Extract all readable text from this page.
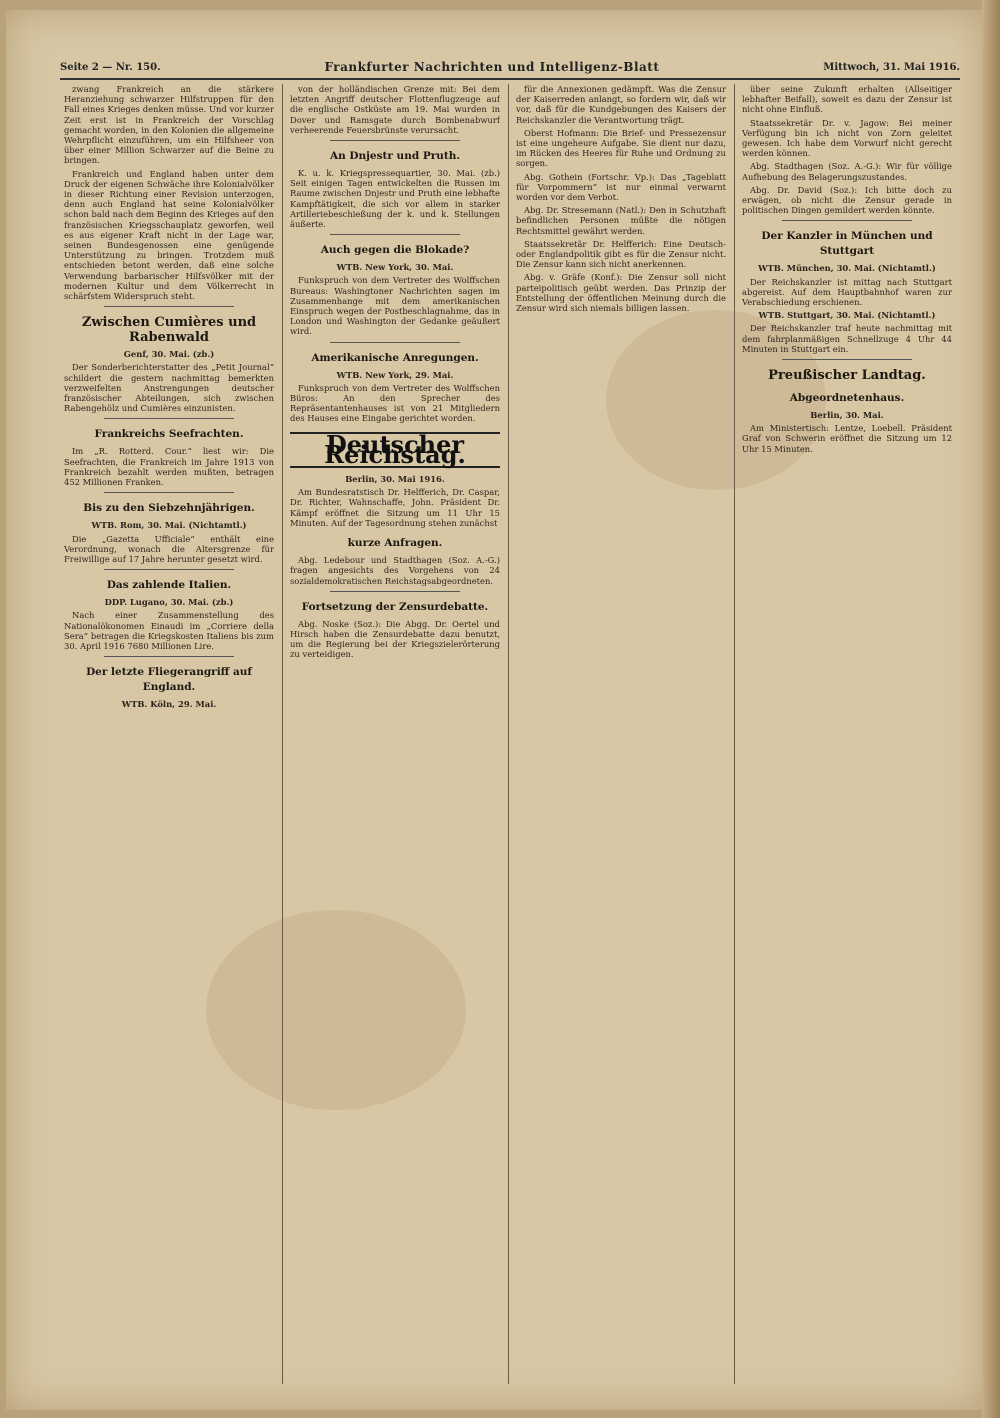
Seite 2 — Nr. 150.	Frankfurter Nachrichten und Intelligenz-Blatt	Mittwoch, 31. Mai 1916.

zwang Frankreich an die stärkere Heranziehung schwarzer Hilfstruppen für den Fall eines Krieges denken müsse. Und vor kurzer Zeit erst ist in Frankreich der Vorschlag gemacht worden, in den Kolonien die allgemeine Wehrpflicht einzuführen, um ein Hilfsheer von über einer Million Schwarzer auf die Beine zu bringen.

Frankreich und England haben unter dem Druck der eigenen Schwäche ihre Kolonialvölker in dieser Richtung einer Revision unterzogen, denn auch England hat seine Kolonialvölker schon bald nach dem Beginn des Krieges auf den französischen Kriegsschauplatz geworfen, weil es aus eigener Kraft nicht in der Lage war, seinen Bundesgenossen eine genügende Unterstützung zu bringen. Trotzdem muß entschieden betont werden, daß eine solche Verwendung barbarischer Hilfsvölker mit der modernen Kultur und dem Völkerrecht in schärfstem Widerspruch steht.

Zwischen Cumières und Rabenwald
Genf, 30. Mai. (zb.)

Der Sonderberichterstatter des „Petit Journal“ schildert die gestern nachmittag bemerkten verzweifelten Anstrengungen deutscher französischer Abteilungen, sich zwischen Rabengehölz und Cumières einzunisten.

Frankreichs Seefrachten.

Im „R. Rotterd. Cour.“ liest wir: Die Seefrachten, die Frankreich im Jahre 1913 von Frankreich bezahlt werden mußten, betragen 452 Millionen Franken.

Bis zu den Siebzehnjährigen.
WTB. Rom, 30. Mai. (Nichtamtl.)

Die „Gazetta Ufficiale“ enthält eine Verordnung, wonach die Altersgrenze für Freiwillige auf 17 Jahre herunter gesetzt wird.

Das zahlende Italien.
DDP. Lugano, 30. Mai. (zb.)

Nach einer Zusammenstellung des Nationalökonomen Einaudi im „Corriere della Sera“ betragen die Kriegskosten Italiens bis zum 30. April 1916 7680 Millionen Lire.

Der letzte Fliegerangriff auf England.
WTB. Köln, 29. Mai.

von der holländischen Grenze mit: Bei dem letzten Angriff deutscher Flottenflugzeuge auf die englische Ostküste am 19. Mai wurden in Dover und Ramsgate durch Bombenabwurf verheerende Feuersbrünste verursacht.

An Dnjestr und Pruth.

K. u. k. Kriegspressequartier, 30. Mai. (zb.) Seit einigen Tagen entwickelten die Russen im Raume zwischen Dnjestr und Pruth eine lebhafte Kampftätigkeit, die sich vor allem in starker Artilleriebeschießung der k. und k. Stellungen äußerte.

Auch gegen die Blokade?
WTB. New York, 30. Mai.

Funkspruch von dem Vertreter des Wolffschen Bureaus: Washingtoner Nachrichten sagen im Zusammenhange mit dem amerikanischen Einspruch wegen der Postbeschlagnahme, das in London und Washington der Gedanke geäußert wird.

Amerikanische Anregungen.
WTB. New York, 29. Mai.

Funkspruch von dem Vertreter des Wolffschen Büros: An den Sprecher des Repräsentantenhauses ist von 21 Mitgliedern des Hauses eine Eingabe gerichtet worden.

Deutscher Reichstag.
Berlin, 30. Mai 1916.

Am Bundesratstisch Dr. Helfferich, Dr. Caspar, Dr. Richter, Wahnschaffe, John. Präsident Dr. Kämpf eröffnet die Sitzung um 11 Uhr 15 Minuten. Auf der Tagesordnung stehen zunächst

kurze Anfragen.

Abg. Ledebour und Stadthagen (Soz. A.-G.) fragen angesichts des Vorgehens von 24 sozialdemokratischen Reichstagsabgeordneten.

Fortsetzung der Zensurdebatte.

Abg. Noske (Soz.): Die Abgg. Dr. Oertel und Hirsch haben die Zensurdebatte dazu benutzt, um die Regierung bei der Kriegszielerörterung zu verteidigen.

für die Annexionen gedämpft. Was die Zensur der Kaiserreden anlangt, so fordern wir, daß wir vor, daß für die Kundgebungen des Kaisers der Reichskanzler die Verantwortung trägt.

Oberst Hofmann: Die Brief- und Pressezensur ist eine ungeheure Aufgabe. Sie dient nur dazu, im Rücken des Heeres für Ruhe und Ordnung zu sorgen.

Abg. Gothein (Fortschr. Vp.): Das „Tageblatt für Vorpommern“ ist nur einmal verwarnt worden vor dem Verbot.

Abg. Dr. Stresemann (Natl.): Den in Schutzhaft befindlichen Personen müßte die nötigen Rechtsmittel gewährt werden.

Staatssekretär Dr. Helfferich: Eine Deutsch- oder Englandpolitik gibt es für die Zensur nicht. Die Zensur kann sich nicht anerkennen.

Abg. v. Gräfe (Konf.): Die Zensur soll nicht parteipolitisch geübt werden. Das Prinzip der Entstellung der öffentlichen Meinung durch die Zensur wird sich niemals billigen lassen.

über seine Zukunft erhalten (Allseitiger lebhafter Beifall), soweit es dazu der Zensur ist nicht ohne Einfluß.

Staatssekretär Dr. v. Jagow: Bei meiner Verfügung bin ich nicht von Zorn geleitet gewesen. Ich habe dem Vorwurf nicht gerecht werden können.

Abg. Stadthagen (Soz. A.-G.): Wir für völlige Aufhebung des Belagerungszustandes.

Abg. Dr. David (Soz.): Ich bitte doch zu erwägen, ob nicht die Zensur gerade in politischen Dingen gemildert werden könnte.

Der Kanzler in München und Stuttgart
WTB. München, 30. Mai. (Nichtamtl.)

Der Reichskanzler ist mittag nach Stuttgart abgereist. Auf dem Hauptbahnhof waren zur Verabschiedung erschienen.

WTB. Stuttgart, 30. Mai. (Nichtamtl.)

Der Reichskanzler traf heute nachmittag mit dem fahrplanmäßigen Schnellzuge 4 Uhr 44 Minuten in Stuttgart ein.

Preußischer Landtag.
Abgeordnetenhaus.
Berlin, 30. Mai.

Am Ministertisch: Lentze, Loebell. Präsident Graf von Schwerin eröffnet die Sitzung um 12 Uhr 15 Minuten.
